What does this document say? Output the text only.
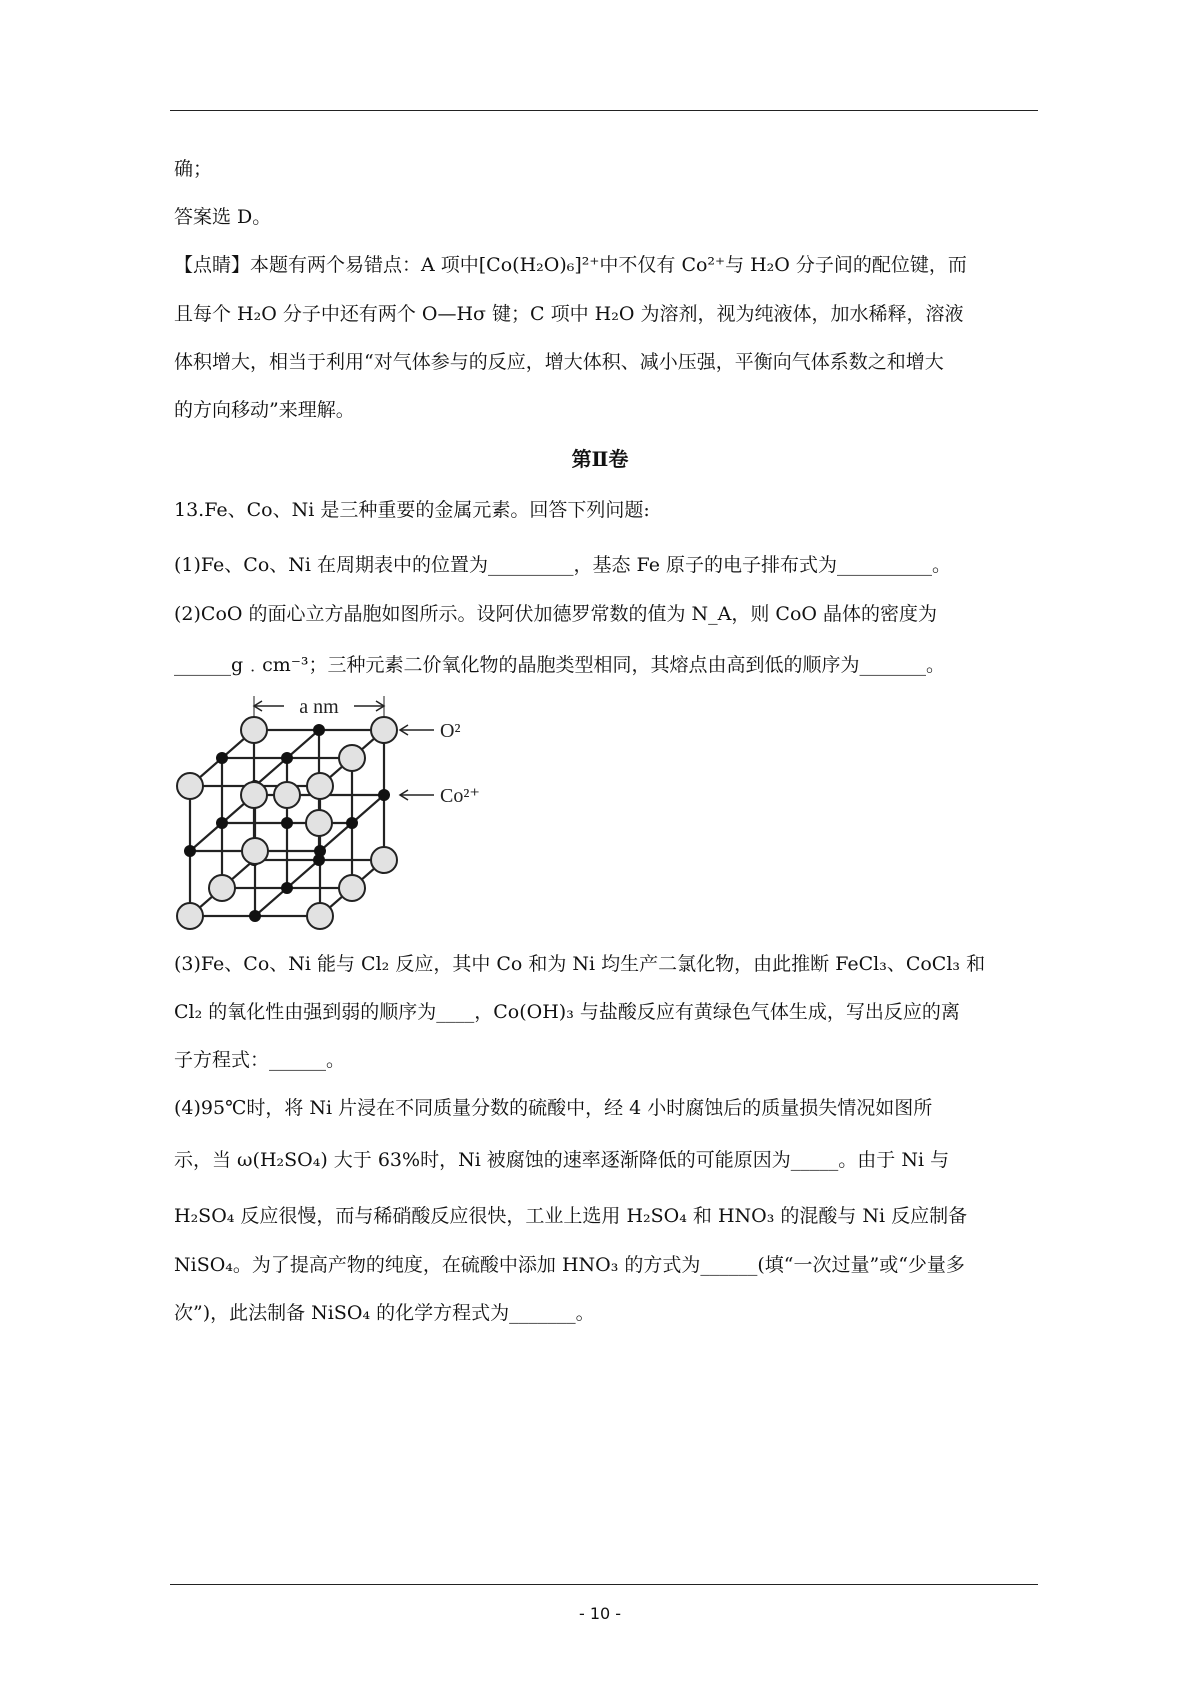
确；
答案选 D。
【点睛】本题有两个易错点：A 项中[Co(H₂O)₆]²⁺中不仅有 Co²⁺与 H₂O 分子间的配位键，而
且每个 H₂O 分子中还有两个 O—Hσ 键；C 项中 H₂O 为溶剂，视为纯液体，加水稀释，溶液
体积增大，相当于利用“对气体参与的反应，增大体积、减小压强，平衡向气体系数之和增大
的方向移动”来理解。
第Ⅱ卷
13.Fe、Co、Ni 是三种重要的金属元素。回答下列问题:
(1)Fe、Co、Ni 在周期表中的位置为_________，基态 Fe 原子的电子排布式为__________。
(2)CoO 的面心立方晶胞如图所示。设阿伏加德罗常数的值为 N_A，则 CoO 晶体的密度为
______g﹒cm⁻³；三种元素二价氧化物的晶胞类型相同，其熔点由高到低的顺序为_______。
a nm
O²
Co²⁺
(3)Fe、Co、Ni 能与 Cl₂ 反应，其中 Co 和为 Ni 均生产二氯化物，由此推断 FeCl₃、CoCl₃ 和
Cl₂ 的氧化性由强到弱的顺序为____，Co(OH)₃ 与盐酸反应有黄绿色气体生成，写出反应的离
子方程式：______。
(4)95℃时，将 Ni 片浸在不同质量分数的硫酸中，经 4 小时腐蚀后的质量损失情况如图所
示，当 ω(H₂SO₄) 大于 63%时，Ni 被腐蚀的速率逐渐降低的可能原因为_____。由于 Ni 与
H₂SO₄ 反应很慢，而与稀硝酸反应很快，工业上选用 H₂SO₄ 和 HNO₃ 的混酸与 Ni 反应制备
NiSO₄。为了提高产物的纯度，在硫酸中添加 HNO₃ 的方式为______(填“一次过量”或“少量多
次”)，此法制备 NiSO₄ 的化学方程式为_______。
- 10 -
